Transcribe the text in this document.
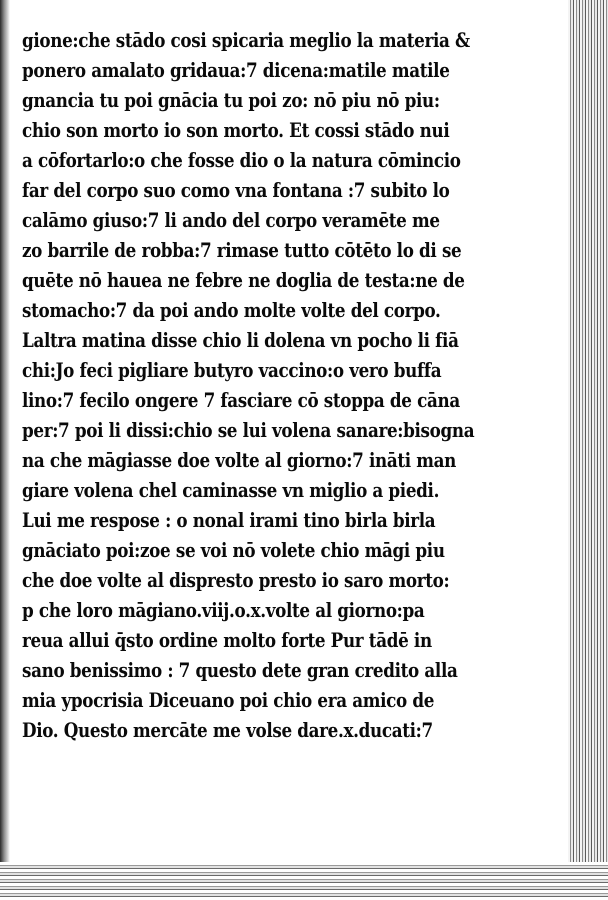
gione:che stādo cosi spicaria meglio la materia &
ponero amalato gridaua:7 dicena:matile matile
gnancia tu poi gnācia tu poi zo: nō piu nō piu:
chio son morto io son morto. Et cossi stādo nui
a cōfortarlo:o che fosse dio o la natura cōmincio
far del corpo suo como vna fontana :7 subito lo
calāmo giuso:7 li ando del corpo veramēte me
zo barrile de robba:7 rimase tutto cōtēto lo di se
quēte nō hauea ne febre ne doglia de testa:ne de
stomacho:7 da poi ando molte volte del corpo.
Laltra matina disse chio li dolena vn pocho li fiā
chi:Jo feci pigliare butyro vaccino:o vero buffa
lino:7 fecilo ongere 7 fasciare cō stoppa de cāna
per:7 poi li dissi:chio se lui volena sanare:bisogna
na che māgiasse doe volte al giorno:7 ināti man
giare volena chel caminasse vn miglio a piedi.
Lui me respose : o nonal irami tino birla birla
gnāciato poi:zoe se voi nō volete chio māgi piu
che doe volte al dispresto presto io saro morto:
p che loro māgiano.viij.o.x.volte al giorno:pa
reua allui q̄sto ordine molto forte Pur tādē in
sano benissimo : 7 questo dete gran credito alla
mia ypocrisia Diceuano poi chio era amico de
Dio. Questo mercāte me volse dare.x.ducati:7
